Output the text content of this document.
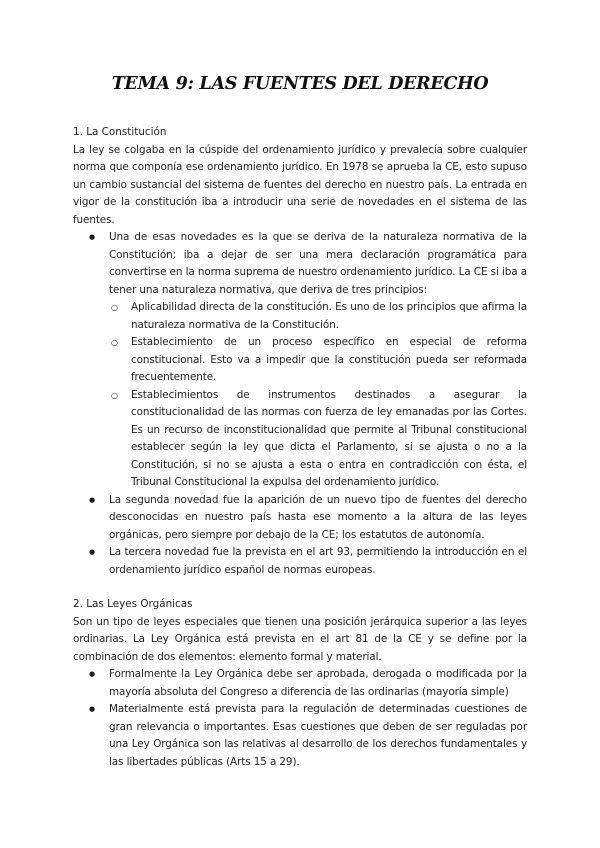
TEMA 9: LAS FUENTES DEL DERECHO

1. La Constitución

La ley se colgaba en la cúspide del ordenamiento jurídico y prevalecía sobre cualquier norma que componía ese ordenamiento jurídico. En 1978 se aprueba la CE, esto supuso un cambio sustancial del sistema de fuentes del derecho en nuestro país. La entrada en vigor de la constitución iba a introducir una serie de novedades en el sistema de las fuentes.

● Una de esas novedades es la que se deriva de la naturaleza normativa de la Constitución; iba a dejar de ser una mera declaración programática para convertirse en la norma suprema de nuestro ordenamiento jurídico. La CE si iba a tener una naturaleza normativa, que deriva de tres principios:
○ Aplicabilidad directa de la constitución. Es uno de los principios que afirma la naturaleza normativa de la Constitución.
○ Establecimiento de un proceso específico en especial de reforma constitucional. Esto va a impedir que la constitución pueda ser reformada frecuentemente.
○ Establecimientos de instrumentos destinados a asegurar la constitucionalidad de las normas con fuerza de ley emanadas por las Cortes. Es un recurso de inconstitucionalidad que permite al Tribunal constitucional establecer según la ley que dicta el Parlamento, si se ajusta o no a la Constitución, si no se ajusta a esta o entra en contradicción con ésta, el Tribunal Constitucional la expulsa del ordenamiento jurídico.
● La segunda novedad fue la aparición de un nuevo tipo de fuentes del derecho desconocidas en nuestro país hasta ese momento a la altura de las leyes orgánicas, pero siempre por debajo de la CE; los estatutos de autonomía.
● La tercera novedad fue la prevista en el art 93, permitiendo la introducción en el ordenamiento jurídico español de normas europeas.

2. Las Leyes Orgánicas

Son un tipo de leyes especiales que tienen una posición jerárquica superior a las leyes ordinarias. La Ley Orgánica está prevista en el art 81 de la CE y se define por la combinación de dos elementos: elemento formal y material.

● Formalmente la Ley Orgánica debe ser aprobada, derogada o modificada por la mayoría absoluta del Congreso a diferencia de las ordinarias (mayoría simple)
● Materialmente está prevista para la regulación de determinadas cuestiones de gran relevancia o importantes. Esas cuestiones que deben de ser reguladas por una Ley Orgánica son las relativas al desarrollo de los derechos fundamentales y las libertades públicas (Arts 15 a 29).
